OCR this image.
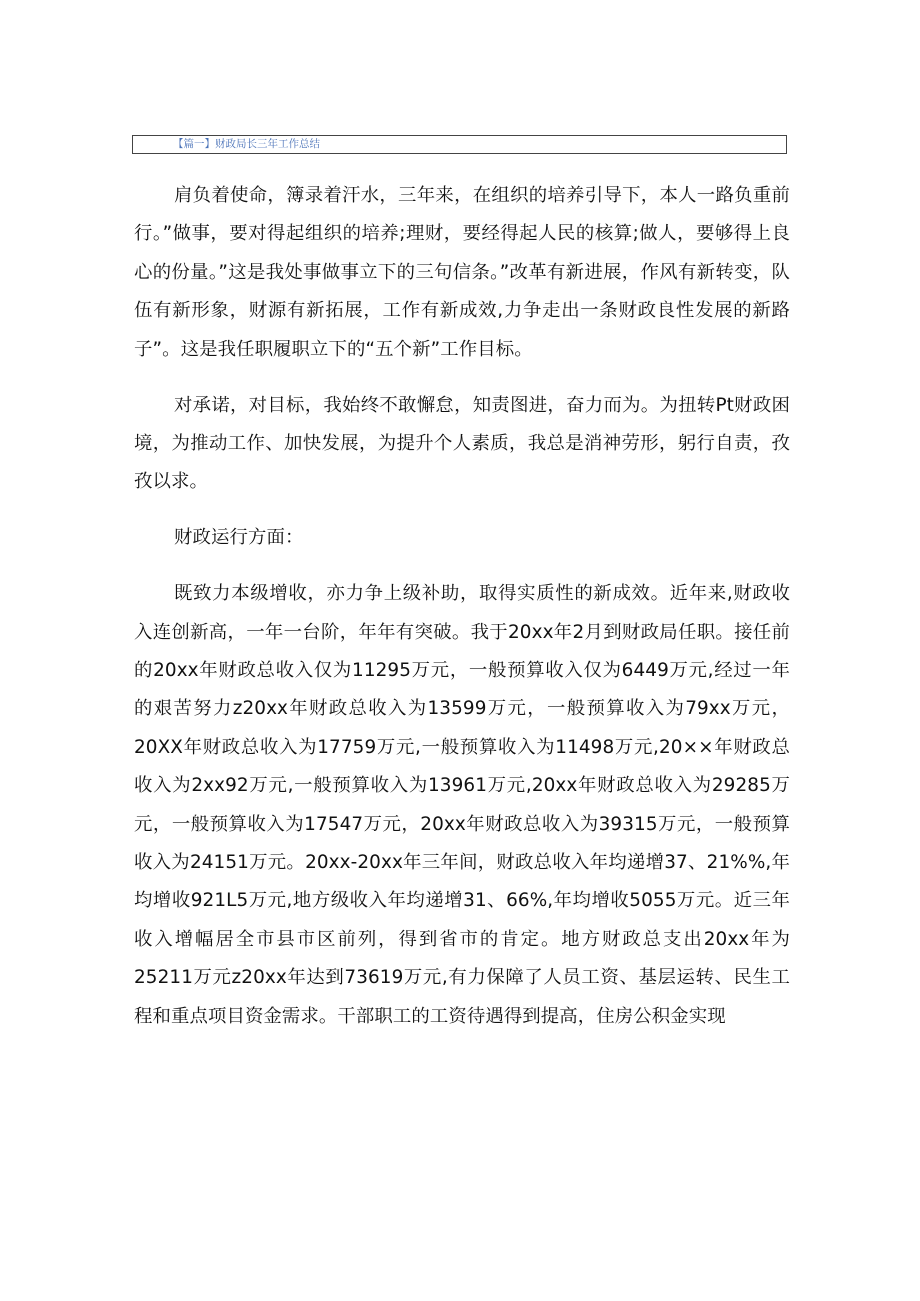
【篇一】财政局长三年工作总结

肩负着使命，簿录着汗水，三年来，在组织的培养引导下，本人一路负重前行。”做事，要对得起组织的培养;理财，要经得起人民的核算;做人，要够得上良心的份量。”这是我处事做事立下的三句信条。”改革有新进展，作风有新转变，队伍有新形象，财源有新拓展，工作有新成效,力争走出一条财政良性发展的新路子”。这是我任职履职立下的“五个新”工作目标。

对承诺，对目标，我始终不敢懈怠，知责图进，奋力而为。为扭转Pt财政困境，为推动工作、加快发展，为提升个人素质，我总是消神劳形，躬行自责，孜孜以求。

财政运行方面：

既致力本级增收，亦力争上级补助，取得实质性的新成效。近年来,财政收入连创新高，一年一台阶，年年有突破。我于20xx年2月到财政局任职。接任前的20xx年财政总收入仅为11295万元，一般预算收入仅为6449万元,经过一年的艰苦努力z20xx年财政总收入为13599万元，一般预算收入为79xx万元，20XX年财政总收入为17759万元,一般预算收入为11498万元,20××年财政总收入为2xx92万元,一般预算收入为13961万元,20xx年财政总收入为29285万元，一般预算收入为17547万元，20xx年财政总收入为39315万元，一般预算收入为24151万元。20xx-20xx年三年间，财政总收入年均递增37、21%%,年均增收921L5万元,地方级收入年均递增31、66%,年均增收5055万元。近三年收入增幅居全市县市区前列，得到省市的肯定。地方财政总支出20xx年为25211万元z20xx年达到73619万元,有力保障了人员工资、基层运转、民生工程和重点项目资金需求。干部职工的工资待遇得到提高，住房公积金实现
